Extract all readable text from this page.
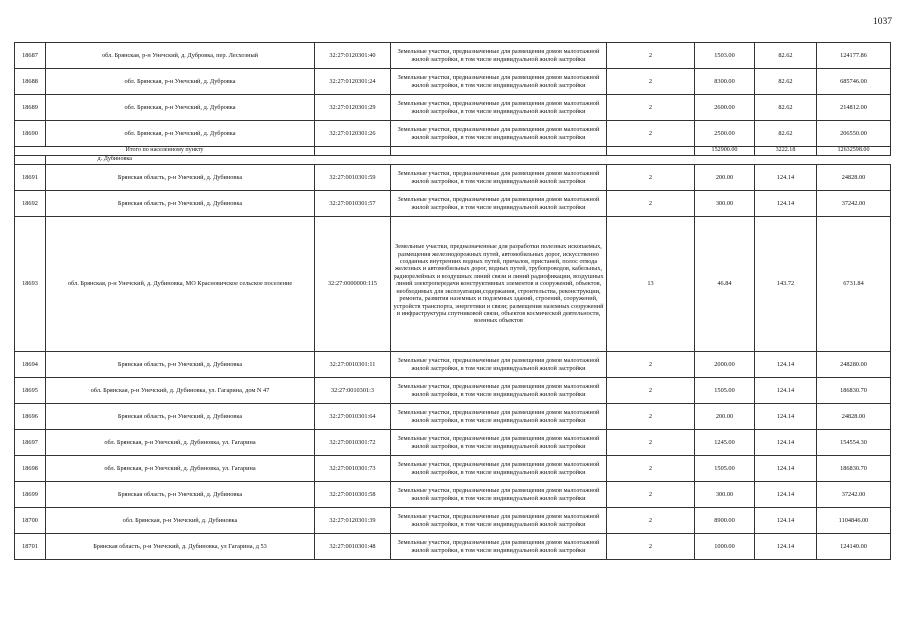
1037
18687	обл. Брянская, р-н Унечский, д. Дубровка, пер. Лесхозный		32:27:0120301:40	Земельные участки, предназначенные для размещения домов малоэтажной жилой застройки, в том числе индивидуальной жилой застройки	2	1503.00	82.62	124177.86
18688	обл. Брянская, р-н Унечский, д. Дубровка		32:27:0120301:24	Земельные участки, предназначенные для размещения домов малоэтажной жилой застройки, в том числе индивидуальной жилой застройки	2	8300.00	82.62	685746.00
18689	обл. Брянская, р-н Унечский, д. Дубровка		32:27:0120301:29	Земельные участки, предназначенные для размещения домов малоэтажной жилой застройки, в том числе индивидуальной жилой застройки	2	2600.00	82.62	214812.00
18690	обл. Брянская, р-н Унечский, д. Дубровка		32:27:0120301:26	Земельные участки, предназначенные для размещения домов малоэтажной жилой застройки, в том числе индивидуальной жилой застройки	2	2500.00	82.62	206550.00
Итого по населенному пункту						152900.00	3222.18	12632598.00
	д. Дубиновка							
18691	Брянская область, р-н Унечский, д. Дубиновка		32:27:0010301:59	Земельные участки, предназначенные для размещения домов малоэтажной жилой застройки, в том числе индивидуальной жилой застройки	2	200.00	124.14	24828.00
18692	Брянская область, р-н Унечский, д. Дубиновка		32:27:0010301:57	Земельные участки, предназначенные для размещения домов малоэтажной жилой застройки, в том числе индивидуальной жилой застройки	2	300.00	124.14	37242.00
18693	обл. Брянская, р-н Унечский, д. Дубиновка, МО Красновичское сельское поселение		32:27:0000000:115	Земельные участки, предназначенные для разработки полезных ископаемых, размещения железнодорожных путей, автомобильных дорог, искусственно созданных внутренних водных путей, причалов, пристаней, полос отвода железных и автомобильных дорог, водных путей, трубопроводов, кабельных, радиорелейных и воздушных линий связи и линий радиофикации, воздушных линий электропередачи конструктивных элементов и сооружений, объектов, необходимых для эксплуатации,содержания, строительства, реконструкции, ремонта, развития наземных и подземных зданий, строений, сооружений, устройств транспорта, энергетики и связи; размещения наземных сооружений и инфраструктуры спутниковой связи, объектов космической деятельности, военных объектов	13	46.84	143.72	6731.84
18694	Брянская область, р-н Унечский, д. Дубиновка		32:27:0010301:11	Земельные участки, предназначенные для размещения домов малоэтажной жилой застройки, в том числе индивидуальной жилой застройки	2	2000.00	124.14	248280.00
18695	обл. Брянская, р-н Унечский, д. Дубиновка, ул. Гагарина, дом N 47		32:27:0010301:3	Земельные участки, предназначенные для размещения домов малоэтажной жилой застройки, в том числе индивидуальной жилой застройки	2	1505.00	124.14	186830.70
18696	Брянская область, р-н Унечский, д. Дубиновка		32:27:0010301:64	Земельные участки, предназначенные для размещения домов малоэтажной жилой застройки, в том числе индивидуальной жилой застройки	2	200.00	124.14	24828.00
18697	обл. Брянская, р-н Унечский, д. Дубиновка, ул. Гагарина		32:27:0010301:72	Земельные участки, предназначенные для размещения домов малоэтажной жилой застройки, в том числе индивидуальной жилой застройки	2	1245.00	124.14	154554.30
18698	обл. Брянская, р-н Унечский, д. Дубиновка, ул. Гагарина		32:27:0010301:73	Земельные участки, предназначенные для размещения домов малоэтажной жилой застройки, в том числе индивидуальной жилой застройки	2	1505.00	124.14	186830.70
18699	Брянская область, р-н Унечский, д. Дубиновка		32:27:0010301:58	Земельные участки, предназначенные для размещения домов малоэтажной жилой застройки, в том числе индивидуальной жилой застройки	2	300.00	124.14	37242.00
18700	обл. Брянская, р-н Унечский, д. Дубиновка		32:27:0120301:39	Земельные участки, предназначенные для размещения домов малоэтажной жилой застройки, в том числе индивидуальной жилой застройки	2	8900.00	124.14	1104846.00
18701	Брянская область, р-н Унечский, д. Дубиновка, ул Гагарина, д 53		32:27:0010301:48	Земельные участки, предназначенные для размещения домов малоэтажной жилой застройки, в том числе индивидуальной жилой застройки	2	1000.00	124.14	124140.00
